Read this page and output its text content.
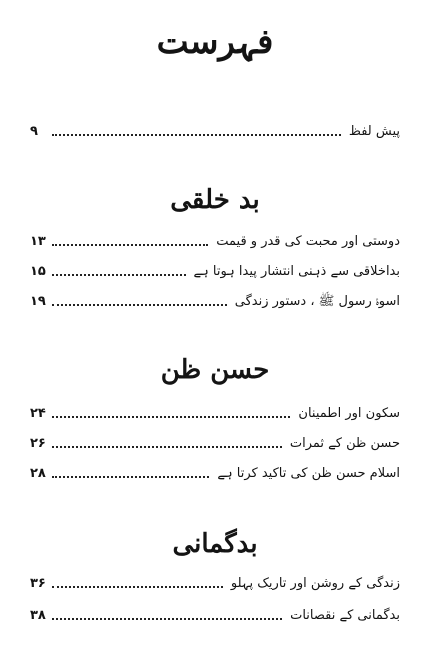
فہرست
پیش لفظ
۹
بد خلقی
دوستی اور محبت کی قدر و قیمت
۱۳
بداخلاقی سے ذہنی انتشار پیدا ہوتا ہے
۱۵
اسوۂ رسول ﷺ ، دستور زندگی
۱۹
حسن ظن
سکون اور اطمینان
۲۴
حسن ظن کے ثمرات
۲۶
اسلام حسن ظن کی تاکید کرتا ہے
۲۸
بدگمانی
زندگی کے روشن اور تاریک پہلو
۳۶
بدگمانی کے نقصانات
۳۸
